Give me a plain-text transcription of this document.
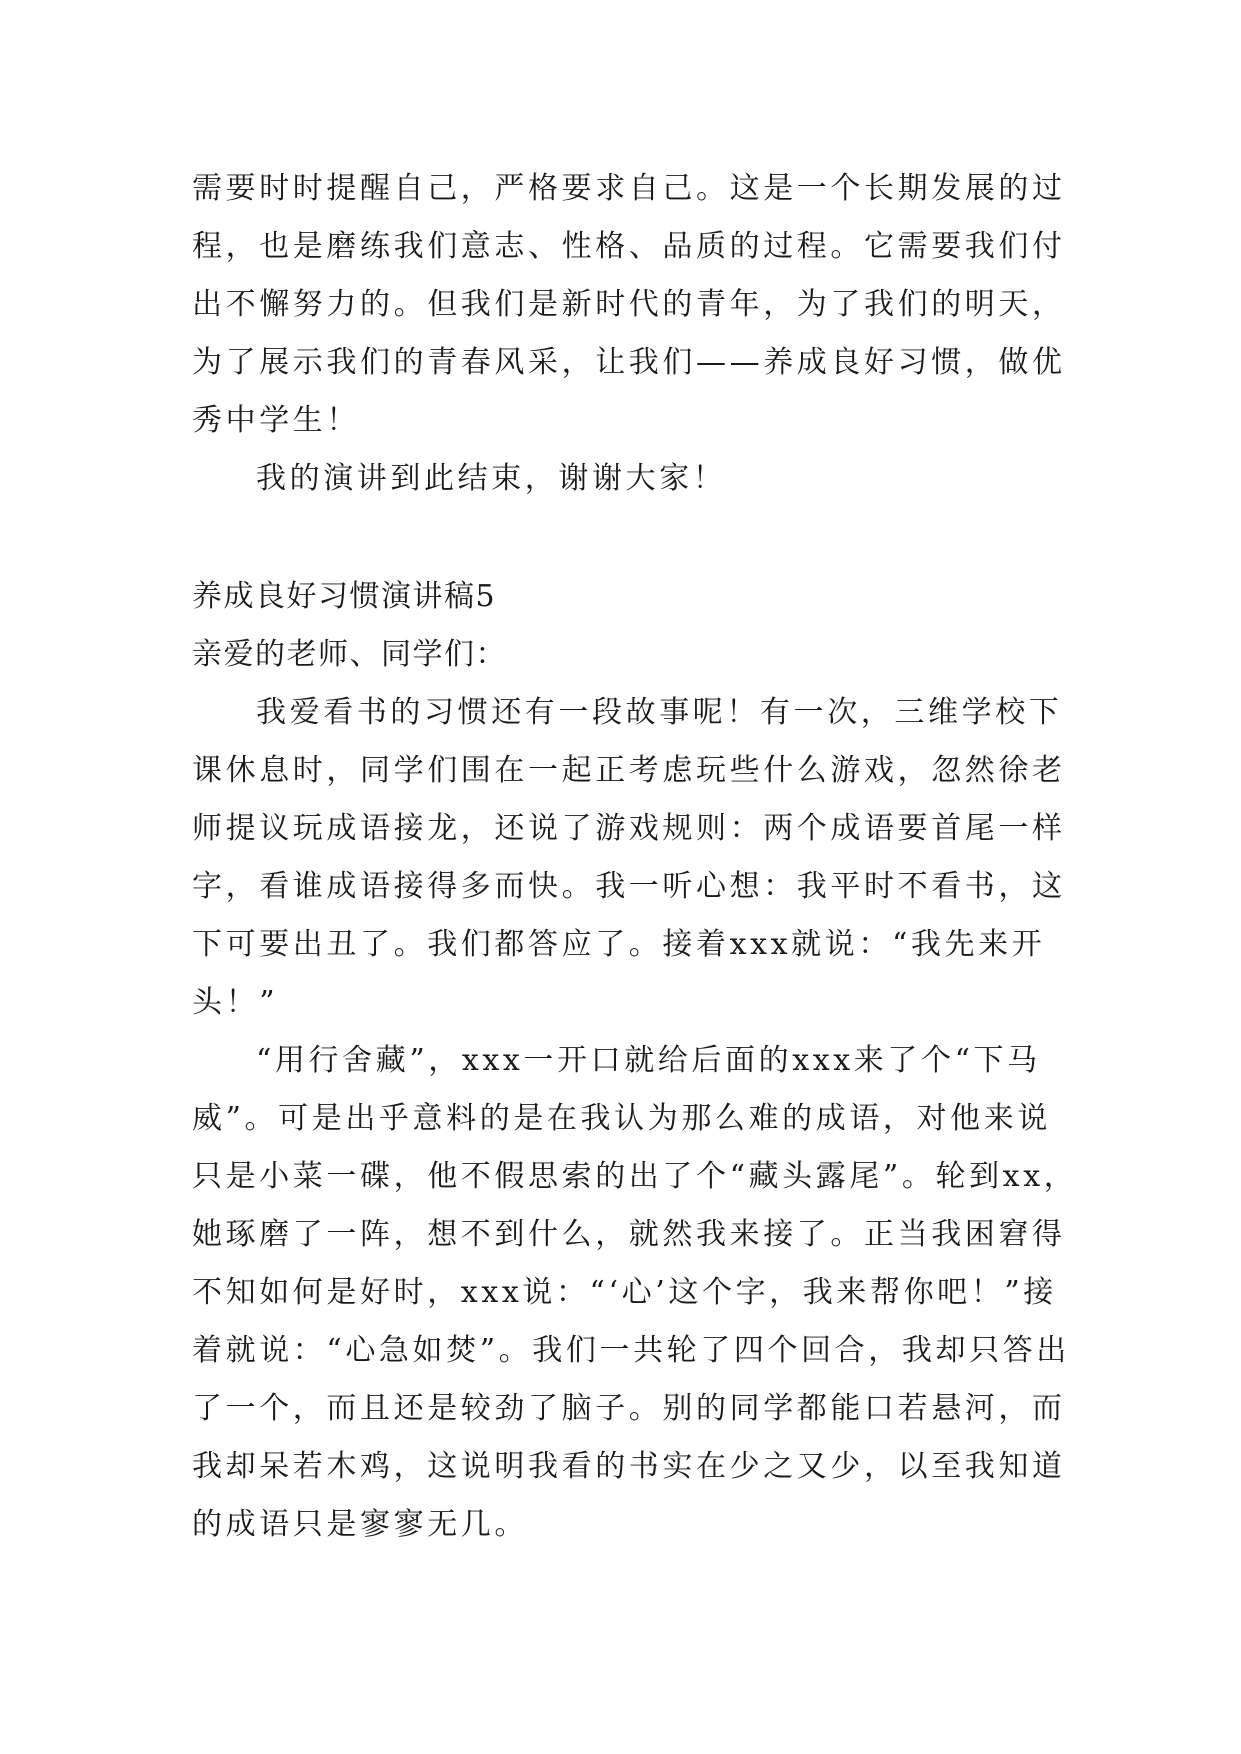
需要时时提醒自己，严格要求自己。这是一个长期发展的过
程，也是磨练我们意志、性格、品质的过程。它需要我们付
出不懈努力的。但我们是新时代的青年，为了我们的明天，
为了展示我们的青春风采，让我们——养成良好习惯，做优
秀中学生！
我的演讲到此结束，谢谢大家！
养成良好习惯演讲稿5
亲爱的老师、同学们：
我爱看书的习惯还有一段故事呢！有一次，三维学校下
课休息时，同学们围在一起正考虑玩些什么游戏，忽然徐老
师提议玩成语接龙，还说了游戏规则：两个成语要首尾一样
字，看谁成语接得多而快。我一听心想：我平时不看书，这
下可要出丑了。我们都答应了。接着xxx就说：“我先来开
头！”
“用行舍藏”，xxx一开口就给后面的xxx来了个“下马
威”。可是出乎意料的是在我认为那么难的成语，对他来说
只是小菜一碟，他不假思索的出了个“藏头露尾”。轮到xx，
她琢磨了一阵，想不到什么，就然我来接了。正当我困窘得
不知如何是好时，xxx说：“‘心’这个字，我来帮你吧！”接
着就说：“心急如焚”。我们一共轮了四个回合，我却只答出
了一个，而且还是较劲了脑子。别的同学都能口若悬河，而
我却呆若木鸡，这说明我看的书实在少之又少，以至我知道
的成语只是寥寥无几。
